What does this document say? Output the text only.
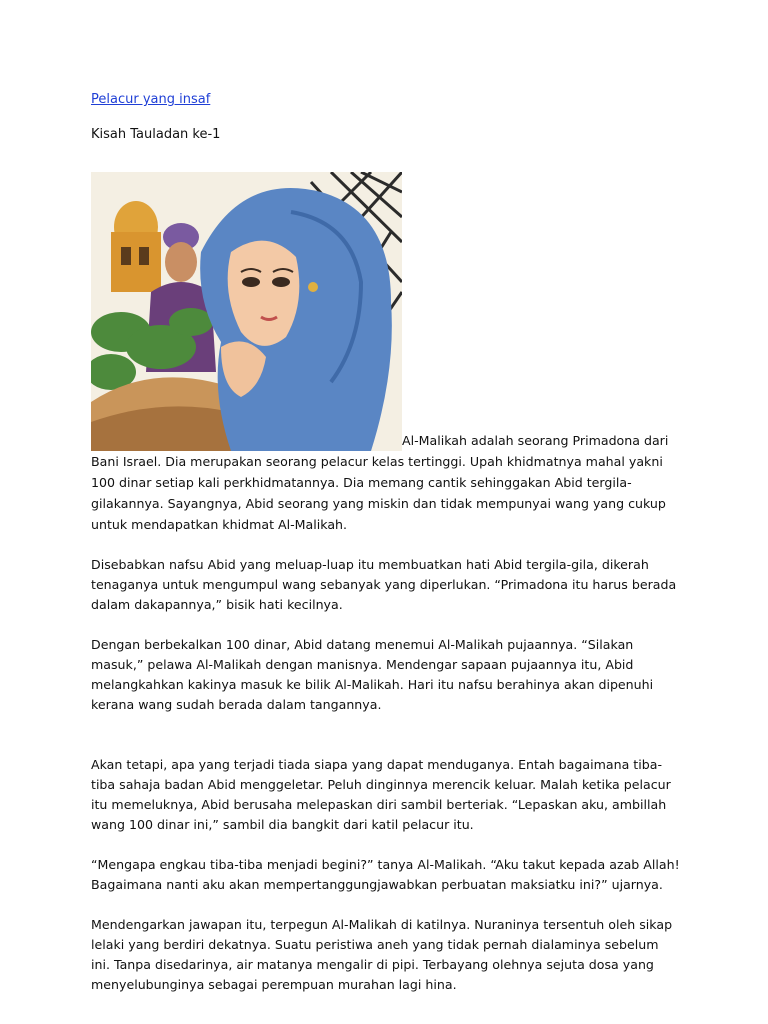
Pelacur yang insaf
Kisah Tauladan ke-1
Al-Malikah adalah seorang Primadona dari Bani Israel. Dia merupakan seorang pelacur kelas tertinggi. Upah khidmatnya mahal yakni 100 dinar setiap kali perkhidmatannya. Dia memang cantik sehinggakan Abid tergila-gilakannya. Sayangnya, Abid seorang yang miskin dan tidak mempunyai wang yang cukup untuk mendapatkan khidmat Al-Malikah.

Disebabkan nafsu Abid yang meluap-luap itu membuatkan hati Abid tergila-gila, dikerah tenaganya untuk mengumpul wang sebanyak yang diperlukan. “Primadona itu harus berada dalam dakapannya,” bisik hati kecilnya.

Dengan berbekalkan 100 dinar, Abid datang menemui Al-Malikah pujaannya. “Silakan masuk,” pelawa Al-Malikah dengan manisnya. Mendengar sapaan pujaannya itu, Abid melangkahkan kakinya masuk ke bilik Al-Malikah. Hari itu nafsu berahinya akan dipenuhi kerana wang sudah berada dalam tangannya.

Akan tetapi, apa yang terjadi tiada siapa yang dapat menduganya. Entah bagaimana tiba-tiba sahaja badan Abid menggeletar. Peluh dinginnya merencik keluar. Malah ketika pelacur itu memeluknya, Abid berusaha melepaskan diri sambil berteriak. “Lepaskan aku, ambillah wang 100 dinar ini,” sambil dia bangkit dari katil pelacur itu.

“Mengapa engkau tiba-tiba menjadi begini?” tanya Al-Malikah. “Aku takut kepada azab Allah! Bagaimana nanti aku akan mempertanggungjawabkan perbuatan maksiatku ini?” ujarnya.

Mendengarkan jawapan itu, terpegun Al-Malikah di katilnya. Nuraninya tersentuh oleh sikap lelaki yang berdiri dekatnya. Suatu peristiwa aneh yang tidak pernah dialaminya sebelum ini. Tanpa disedarinya, air matanya mengalir di pipi. Terbayang olehnya sejuta dosa yang menyelubunginya sebagai perempuan murahan lagi hina.
